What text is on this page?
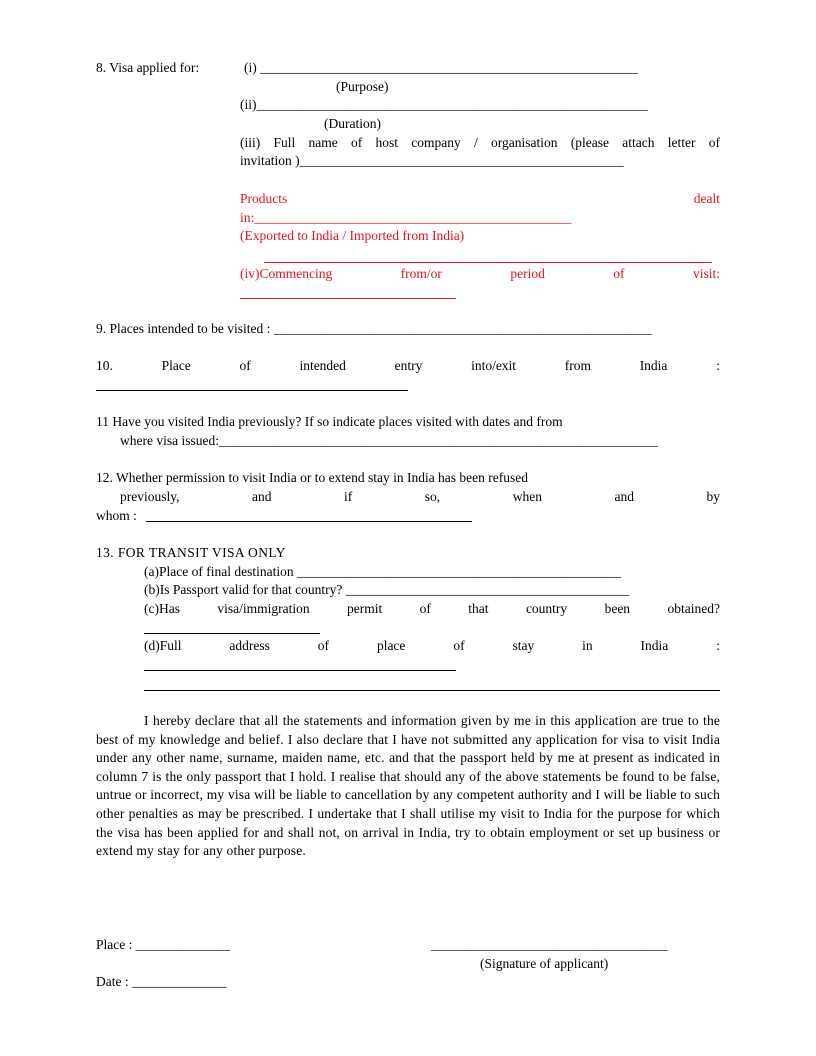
8. Visa applied for:	(i) ________________________________________________________
(Purpose)
(ii)__________________________________________________________
(Duration)
(iii) Full name of host company / organisation (please attach letter of
invitation )________________________________________________
Products	dealt
in:_______________________________________________
(Exported to India / Imported from India)
(iv)Commencing	from/or	period	of	visit:
9. Places intended to be visited : ________________________________________________________
10.	Place	of	intended	entry	into/exit	from	India	:
11 Have you visited India previously? If so indicate places visited with dates and from
where visa issued:_________________________________________________________________
12. Whether permission to visit India or to extend stay in India has been refused
previously,	and	if	so,	when	and	by
whom :
13. FOR TRANSIT VISA ONLY
(a)Place of final destination ________________________________________________
(b)Is Passport valid for that country? __________________________________________
(c)Has	visa/immigration	permit	of	that	country	been	obtained?
(d)Full	address	of	place	of	stay	in	India	:
I hereby declare that all the statements and information given by me in this application are true to the best of my knowledge and belief. I also declare that I have not submitted any application for visa to visit India under any other name, surname, maiden name, etc. and that the passport held by me at present as indicated in column 7 is the only passport that I hold. I realise that should any of the above statements be found to be false, untrue or incorrect, my visa will be liable to cancellation by any competent authority and I will be liable to such other penalties as may be prescribed. I undertake that I shall utilise my visit to India for the purpose for which the visa has been applied for and shall not, on arrival in India, try to obtain employment or set up business or extend my stay for any other purpose.
Place : ______________	___________________________________
(Signature of applicant)
Date : ______________
